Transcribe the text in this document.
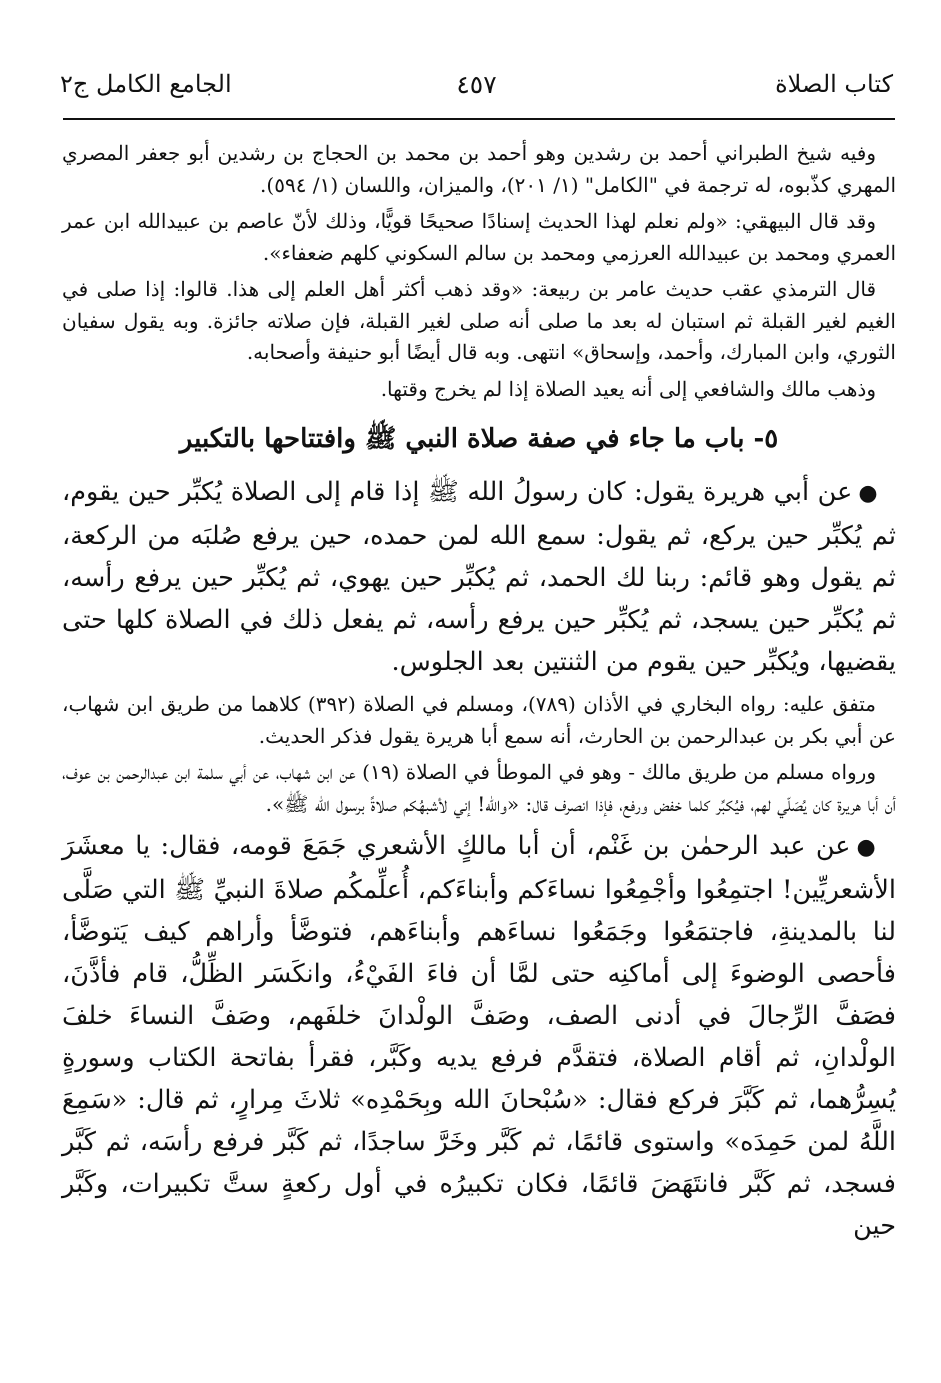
كتاب الصلاة
٤٥٧
الجامع الكامل ج٢

وفيه شيخ الطبراني أحمد بن رشدين وهو أحمد بن محمد بن الحجاج بن رشدين أبو جعفر المصري المهري كذّبوه، له ترجمة في "الكامل" (١/ ٢٠١)، والميزان، واللسان (١/ ٥٩٤).

وقد قال البيهقي: «ولم نعلم لهذا الحديث إسنادًا صحيحًا قويًّا، وذلك لأنّ عاصم بن عبيدالله ابن عمر العمري ومحمد بن عبيدالله العرزمي ومحمد بن سالم السكوني كلهم ضعفاء».

قال الترمذي عقب حديث عامر بن ربيعة: «وقد ذهب أكثر أهل العلم إلى هذا. قالوا: إذا صلى في الغيم لغير القبلة ثم استبان له بعد ما صلى أنه صلى لغير القبلة، فإن صلاته جائزة. وبه يقول سفيان الثوري، وابن المبارك، وأحمد، وإسحاق» انتهى. وبه قال أيضًا أبو حنيفة وأصحابه.

وذهب مالك والشافعي إلى أنه يعيد الصلاة إذا لم يخرج وقتها.

٥- باب ما جاء في صفة صلاة النبي ﷺ وافتتاحها بالتكبير

●عن أبي هريرة يقول: كان رسولُ الله ﷺ إذا قام إلى الصلاة يُكبِّر حين يقوم، ثم يُكبِّر حين يركع، ثم يقول: سمع الله لمن حمده، حين يرفع صُلبَه من الركعة، ثم يقول وهو قائم: ربنا لك الحمد، ثم يُكبِّر حين يهوي، ثم يُكبِّر حين يرفع رأسه، ثم يُكبِّر حين يسجد، ثم يُكبِّر حين يرفع رأسه، ثم يفعل ذلك في الصلاة كلها حتى يقضيها، ويُكبِّر حين يقوم من الثنتين بعد الجلوس.

متفق عليه: رواه البخاري في الأذان (٧٨٩)، ومسلم في الصلاة (٣٩٢) كلاهما من طريق ابن شهاب، عن أبي بكر بن عبدالرحمن بن الحارث، أنه سمع أبا هريرة يقول فذكر الحديث.

ورواه مسلم من طريق مالك - وهو في الموطأ في الصلاة (١٩) عن ابن شهاب، عن أبي سلمة ابن عبدالرحمن بن عوف، أن أبا هريرة كان يُصَلّي لهم، فيُكبِّر كلما خفض ورفع، فإذا انصرف قال: «والله! إني لأشبهُكم صلاةً برسول الله ﷺ».

●عن عبد الرحمٰن بن غَنْم، أن أبا مالكٍ الأشعري جَمَعَ قومه، فقال: يا معشَرَ الأشعريِّين! اجتمِعُوا وأجْمِعُوا نساءَكم وأبناءَكم، أُعلِّمكُم صلاةَ النبيِّ ﷺ التي صَلَّى لنا بالمدينةِ، فاجتمَعُوا وجَمَعُوا نساءَهم وأبناءَهم، فتوضَّأ وأراهم كيف يَتوضَّأ، فأحصى الوضوءَ إلى أماكنِه حتى لمَّا أن فاءَ الفَيْءُ، وانكَسَر الظِّلُّ، قام فأذَّنَ، فصَفَّ الرِّجالَ في أدنى الصف، وصَفَّ الولْدانَ خلفَهم، وصَفَّ النساءَ خلفَ الولْدانِ، ثم أقام الصلاة، فتقدَّم فرفع يديه وكَبَّر، فقرأ بفاتحة الكتاب وسورةٍ يُسِرُّهما، ثم كَبَّرَ فركع فقال: «سُبْحانَ الله وبِحَمْدِه» ثلاثَ مِرارٍ، ثم قال: «سَمِعَ اللَّهُ لمن حَمِدَه» واستوى قائمًا، ثم كَبَّر وخَرَّ ساجدًا، ثم كَبَّر فرفع رأسَه، ثم كَبَّر فسجد، ثم كَبَّر فانتَهَضَ قائمًا، فكان تكبيرُه في أول ركعةٍ ستَّ تكبيرات، وكَبَّر حين
